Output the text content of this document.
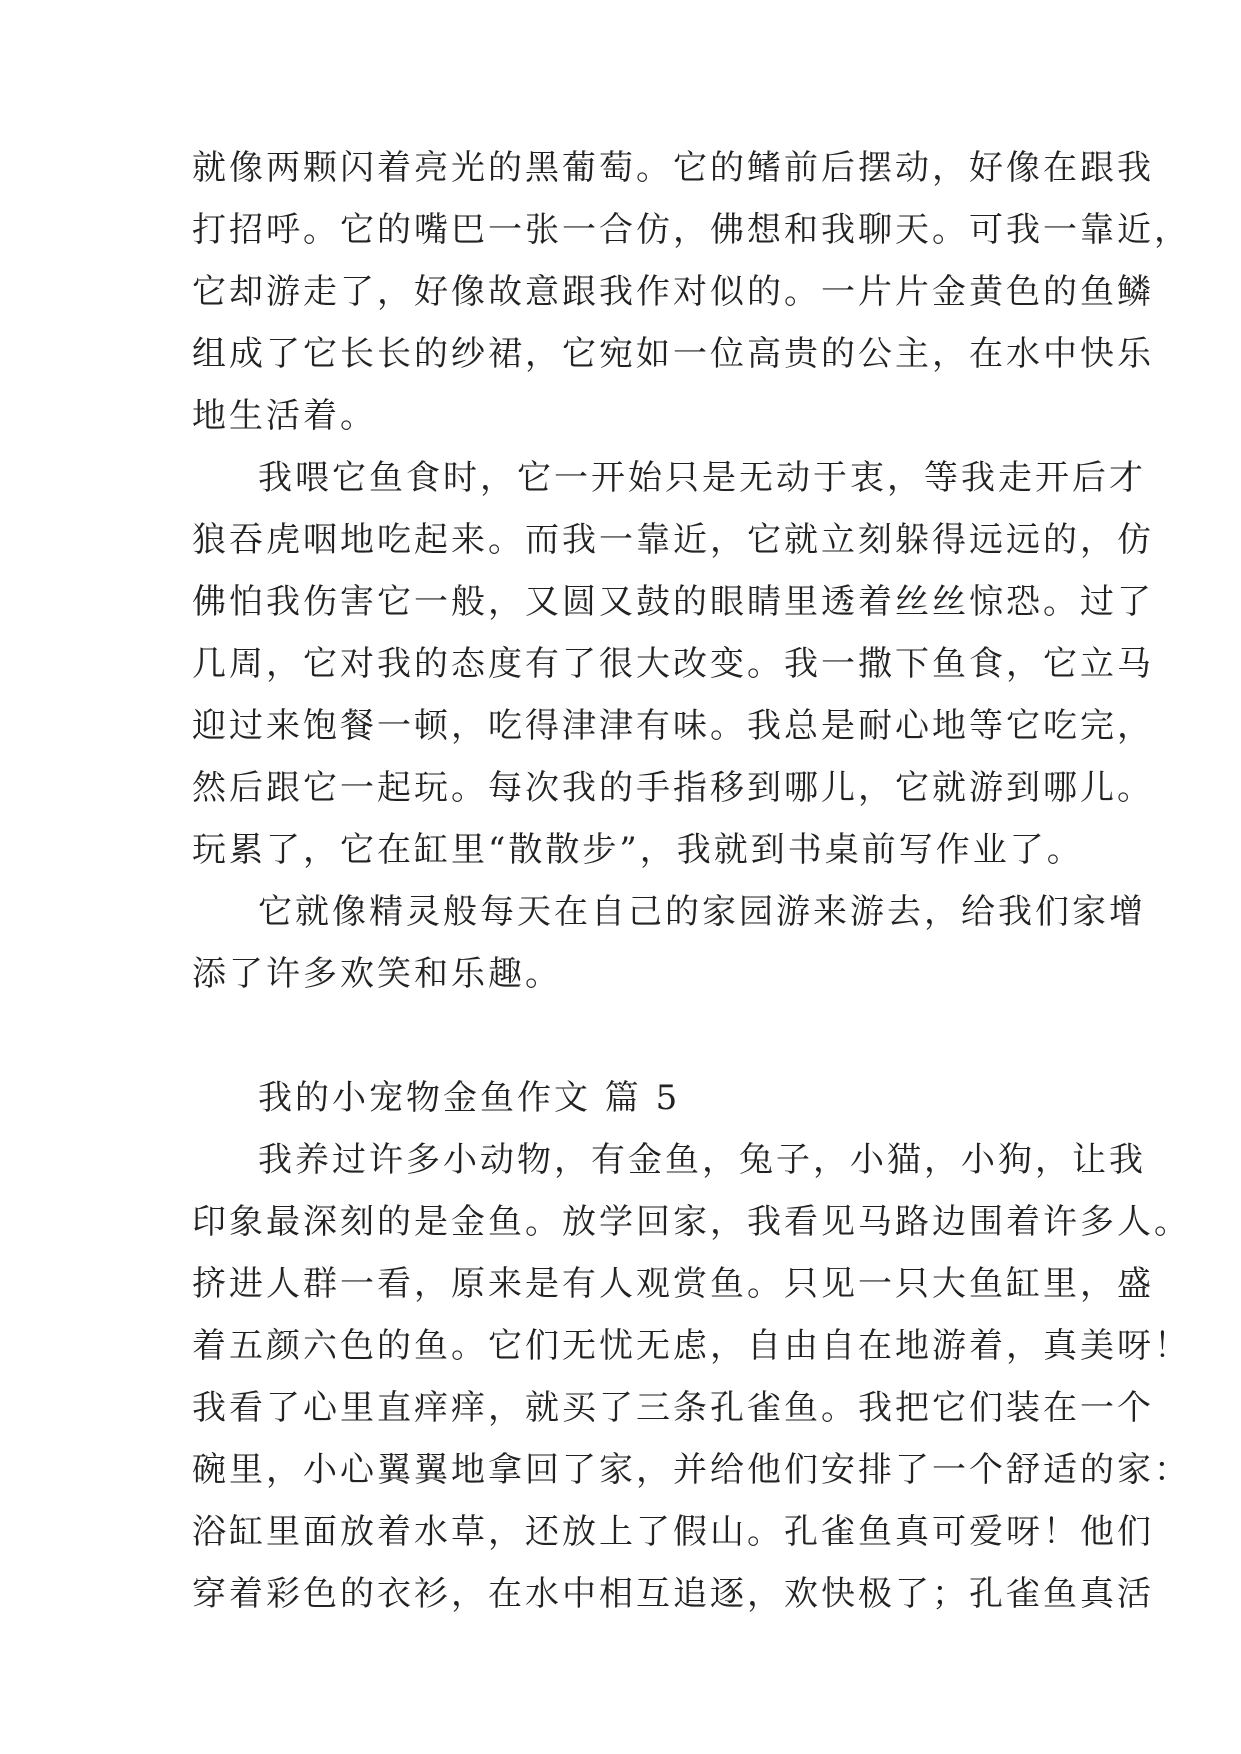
就像两颗闪着亮光的黑葡萄。它的鳍前后摆动，好像在跟我
打招呼。它的嘴巴一张一合仿，佛想和我聊天。可我一靠近，
它却游走了，好像故意跟我作对似的。一片片金黄色的鱼鳞
组成了它长长的纱裙，它宛如一位高贵的公主，在水中快乐
地生活着。
我喂它鱼食时，它一开始只是无动于衷，等我走开后才
狼吞虎咽地吃起来。而我一靠近，它就立刻躲得远远的，仿
佛怕我伤害它一般，又圆又鼓的眼睛里透着丝丝惊恐。过了
几周，它对我的态度有了很大改变。我一撒下鱼食，它立马
迎过来饱餐一顿，吃得津津有味。我总是耐心地等它吃完，
然后跟它一起玩。每次我的手指移到哪儿，它就游到哪儿。
玩累了，它在缸里“散散步”，我就到书桌前写作业了。
它就像精灵般每天在自己的家园游来游去，给我们家增
添了许多欢笑和乐趣。
我的小宠物金鱼作文 篇 5
我养过许多小动物，有金鱼，兔子，小猫，小狗，让我
印象最深刻的是金鱼。放学回家，我看见马路边围着许多人。
挤进人群一看，原来是有人观赏鱼。只见一只大鱼缸里，盛
着五颜六色的鱼。它们无忧无虑，自由自在地游着，真美呀！
我看了心里直痒痒，就买了三条孔雀鱼。我把它们装在一个
碗里，小心翼翼地拿回了家，并给他们安排了一个舒适的家：
浴缸里面放着水草，还放上了假山。孔雀鱼真可爱呀！他们
穿着彩色的衣衫，在水中相互追逐，欢快极了；孔雀鱼真活
